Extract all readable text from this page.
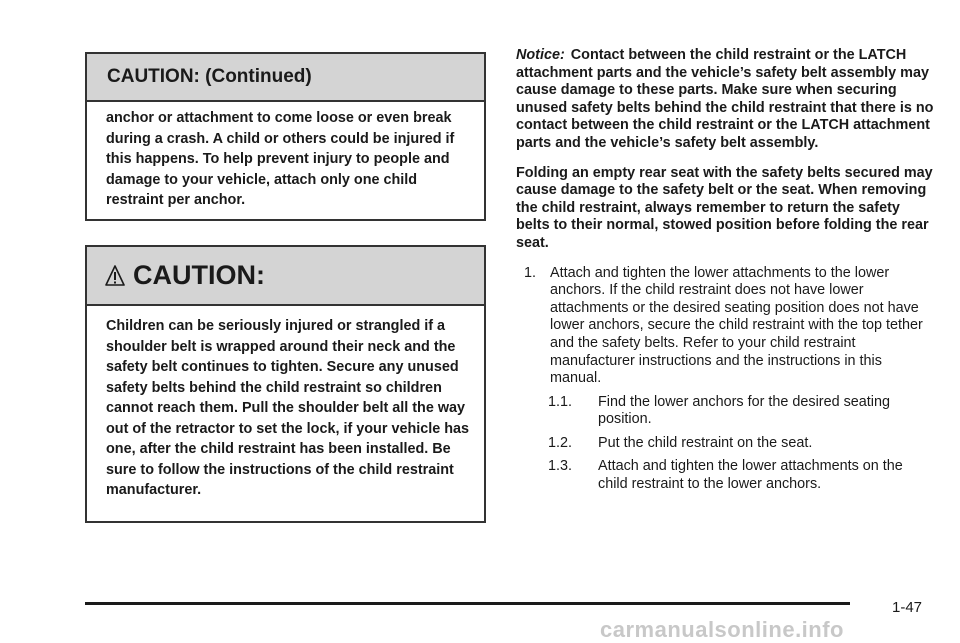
CAUTION: (Continued)
anchor or attachment to come loose or even break during a crash. A child or others could be injured if this happens. To help prevent injury to people and damage to your vehicle, attach only one child restraint per anchor.
CAUTION:
Children can be seriously injured or strangled if a shoulder belt is wrapped around their neck and the safety belt continues to tighten. Secure any unused safety belts behind the child restraint so children cannot reach them. Pull the shoulder belt all the way out of the retractor to set the lock, if your vehicle has one, after the child restraint has been installed. Be sure to follow the instructions of the child restraint manufacturer.

Notice: Contact between the child restraint or the LATCH attachment parts and the vehicle’s safety belt assembly may cause damage to these parts. Make sure when securing unused safety belts behind the child restraint that there is no contact between the child restraint or the LATCH attachment parts and the vehicle’s safety belt assembly.

Folding an empty rear seat with the safety belts secured may cause damage to the safety belt or the seat. When removing the child restraint, always remember to return the safety belts to their normal, stowed position before folding the rear seat.

1. Attach and tighten the lower attachments to the lower anchors. If the child restraint does not have lower attachments or the desired seating position does not have lower anchors, secure the child restraint with the top tether and the safety belts. Refer to your child restraint manufacturer instructions and the instructions in this manual.
1.1.	Find the lower anchors for the desired seating position.
1.2.	Put the child restraint on the seat.
1.3.	Attach and tighten the lower attachments on the child restraint to the lower anchors.
1-47
carmanualsonline.info
